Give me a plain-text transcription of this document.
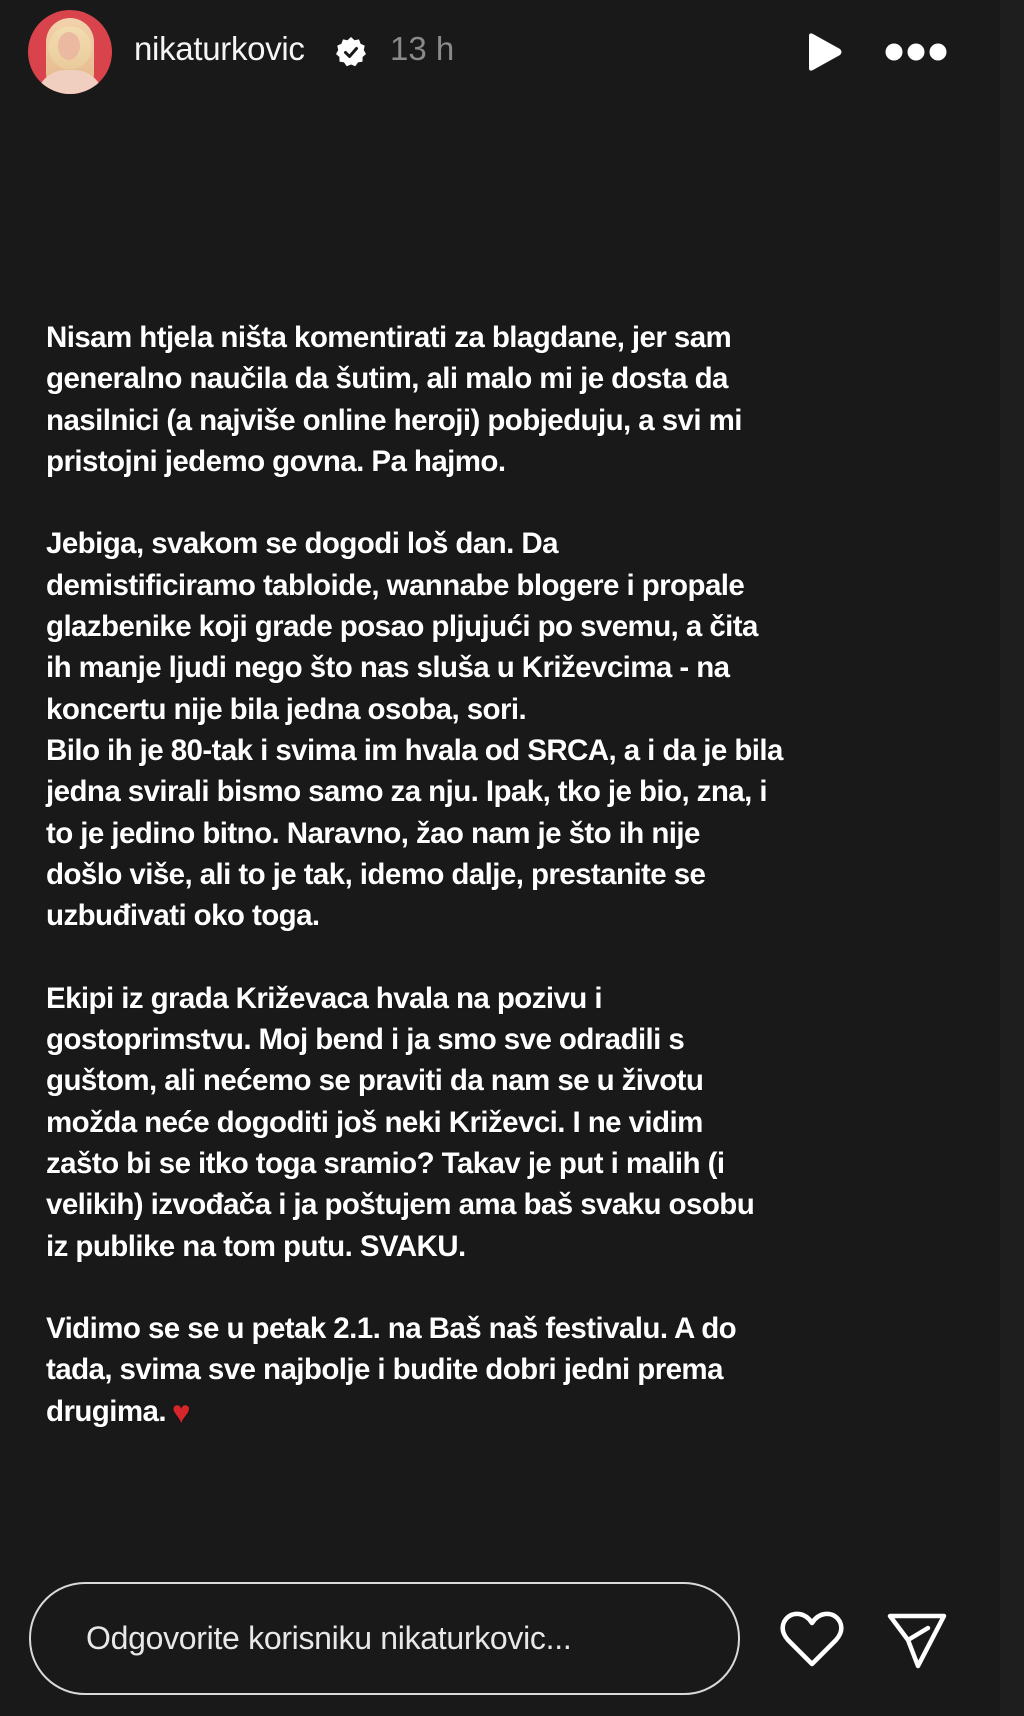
nikaturkovic	13 h
Nisam htjela ništa komentirati za blagdane, jer sam
generalno naučila da šutim, ali malo mi je dosta da
nasilnici (a najviše online heroji) pobjeduju, a svi mi
pristojni jedemo govna. Pa hajmo.
Jebiga, svakom se dogodi loš dan. Da
demistificiramo tabloide, wannabe blogere i propale
glazbenike koji grade posao pljujući po svemu, a čita
ih manje ljudi nego što nas sluša u Križevcima - na
koncertu nije bila jedna osoba, sori.
Bilo ih je 80-tak i svima im hvala od SRCA, a i da je bila
jedna svirali bismo samo za nju. Ipak, tko je bio, zna, i
to je jedino bitno. Naravno, žao nam je što ih nije
došlo više, ali to je tak, idemo dalje, prestanite se
uzbuđivati oko toga.
Ekipi iz grada Križevaca hvala na pozivu i
gostoprimstvu. Moj bend i ja smo sve odradili s
guštom, ali nećemo se praviti da nam se u životu
možda neće dogoditi još neki Križevci. I ne vidim
zašto bi se itko toga sramio? Takav je put i malih (i
velikih) izvođača i ja poštujem ama baš svaku osobu
iz publike na tom putu. SVAKU.
Vidimo se se u petak 2.1. na Baš naš festivalu. A do
tada, svima sve najbolje i budite dobri jedni prema
drugima. ♥
Odgovorite korisniku nikaturkovic...
